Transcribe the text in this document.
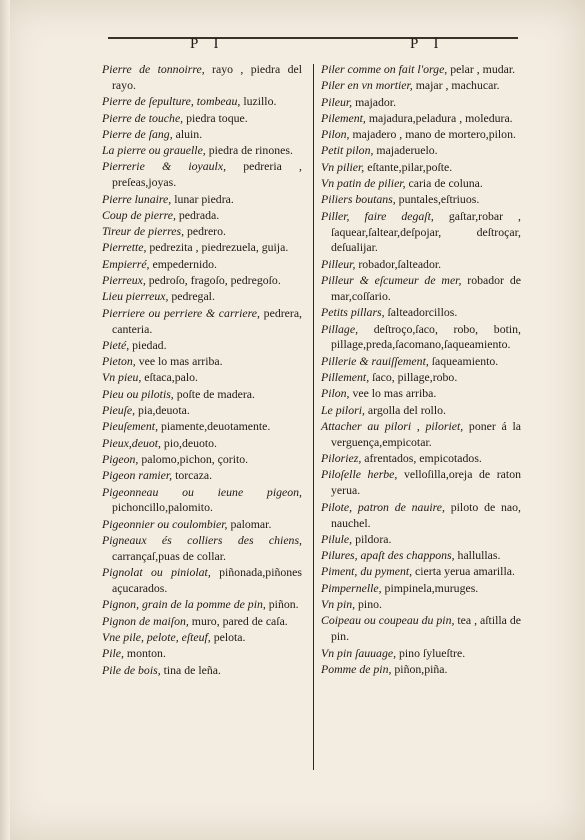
P I	P I
Pierre de tonnoirre, rayo , piedra del rayo.
Pierre de ſepulture, tombeau, luzillo.
Pierre de touche, piedra toque.
Pierre de ſang, aluin.
La pierre ou grauelle, piedra de rinones.
Pierrerie & ioyaulx, pedreria , preſeas,joyas.
Pierre lunaire, lunar piedra.
Coup de pierre, pedrada.
Tireur de pierres, pedrero.
Pierrette, pedrezita , piedrezuela, guija.
Empierré, empedernido.
Pierreux, pedroſo, fragoſo, pedregoſo.
Lieu pierreux, pedregal.
Pierriere ou perriere & carriere, pedrera, canteria.
Pieté, piedad.
Pieton, vee lo mas arriba.
Vn pieu, eſtaca,palo.
Pieu ou pilotis, poſte de madera.
Pieuſe, pia,deuota.
Pieuſement, piamente,deuotamente.
Pieux,deuot, pio,deuoto.
Pigeon, palomo,pichon, çorito.
Pigeon ramier, torcaza.
Pigeonneau ou ieune pigeon, pichoncillo,palomito.
Pigeonnier ou coulombier, palomar.
Pigneaux és colliers des chiens, carrançaſ,puas de collar.
Pignolat ou piniolat, piñonada,piñones açucarados.
Pignon, grain de la pomme de pin, piñon.
Pignon de maiſon, muro, pared de caſa.
Vne pile, pelote, eſteuf, pelota.
Pile, monton.
Pile de bois, tina de leña.
Piler comme on fait l'orge, pelar , mudar.
Piler en vn mortier, majar , machucar.
Pileur, majador.
Pilement, majadura,peladura , moledura.
Pilon, majadero , mano de mortero,pilon.
Petit pilon, majaderuelo.
Vn pilier, eſtante,pilar,poſte.
Vn patin de pilier, caria de coluna.
Piliers boutans, puntales,eſtriuos.
Piller, faire degaſt, gaſtar,robar , ſaquear,ſaltear,deſpojar, deſtroçar, deſualijar.
Pilleur, robador,ſalteador.
Pilleur & eſcumeur de mer, robador de mar,coſſario.
Petits pillars, ſalteadorcillos.
Pillage, deſtroço,ſaco, robo, botin, pillage,preda,ſacomano,ſaqueamiento.
Pillerie & rauiſſement, ſaqueamiento.
Pillement, ſaco, pillage,robo.
Pilon, vee lo mas arriba.
Le pilori, argolla del rollo.
Attacher au pilori , piloriet, poner á la verguença,empicotar.
Piloriez, afrentados, empicotados.
Piloſelle herbe, velloſilla,oreja de raton yerua.
Pilote, patron de nauire, piloto de nao, nauchel.
Pilule, pildora.
Pilures, apaſt des chappons, hallullas.
Piment, du pyment, cierta yerua amarilla.
Pimpernelle, pimpinela,muruges.
Vn pin, pino.
Coipeau ou coupeau du pin, tea , aſtilla de pin.
Vn pin ſauuage, pino ſylueſtre.
Pomme de pin, piñon,piña.
